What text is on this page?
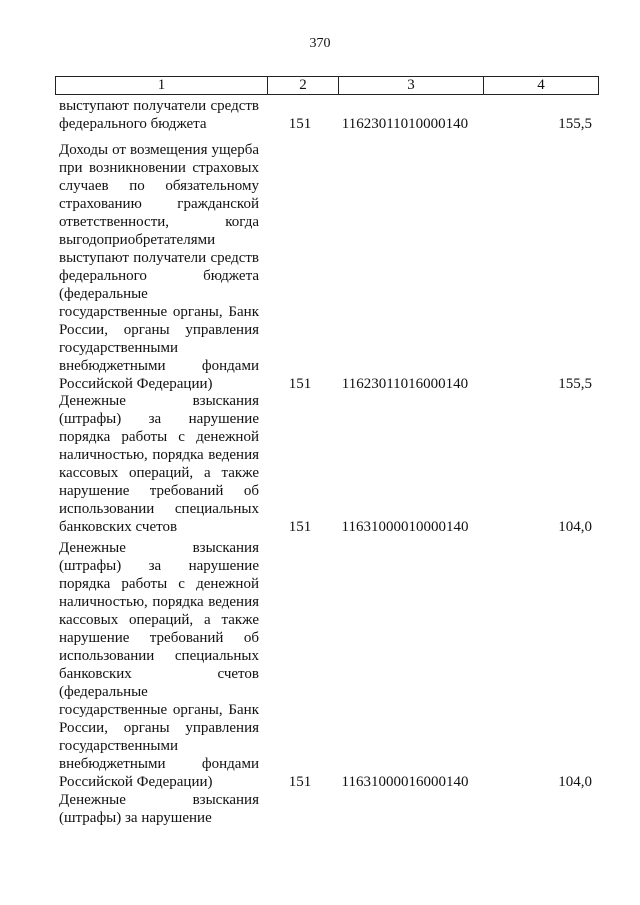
370
1	2	3	4
выступают получатели средств
федерального бюджета	151	11623011010000140	155,5
Доходы от возмещения ущерба
при возникновении страховых
случаев по обязательному
страхованию гражданской
ответственности, когда
выгодоприобретателями
выступают получатели средств
федерального бюджета
(федеральные
государственные органы, Банк
России, органы управления
государственными
внебюджетными фондами
Российской Федерации)	151	11623011016000140	155,5
Денежные взыскания
(штрафы) за нарушение
порядка работы с денежной
наличностью, порядка ведения
кассовых операций, а также
нарушение требований об
использовании специальных
банковских счетов	151	11631000010000140	104,0
Денежные взыскания
(штрафы) за нарушение
порядка работы с денежной
наличностью, порядка ведения
кассовых операций, а также
нарушение требований об
использовании специальных
банковских счетов
(федеральные
государственные органы, Банк
России, органы управления
государственными
внебюджетными фондами
Российской Федерации)	151	11631000016000140	104,0
Денежные взыскания
(штрафы) за нарушение
